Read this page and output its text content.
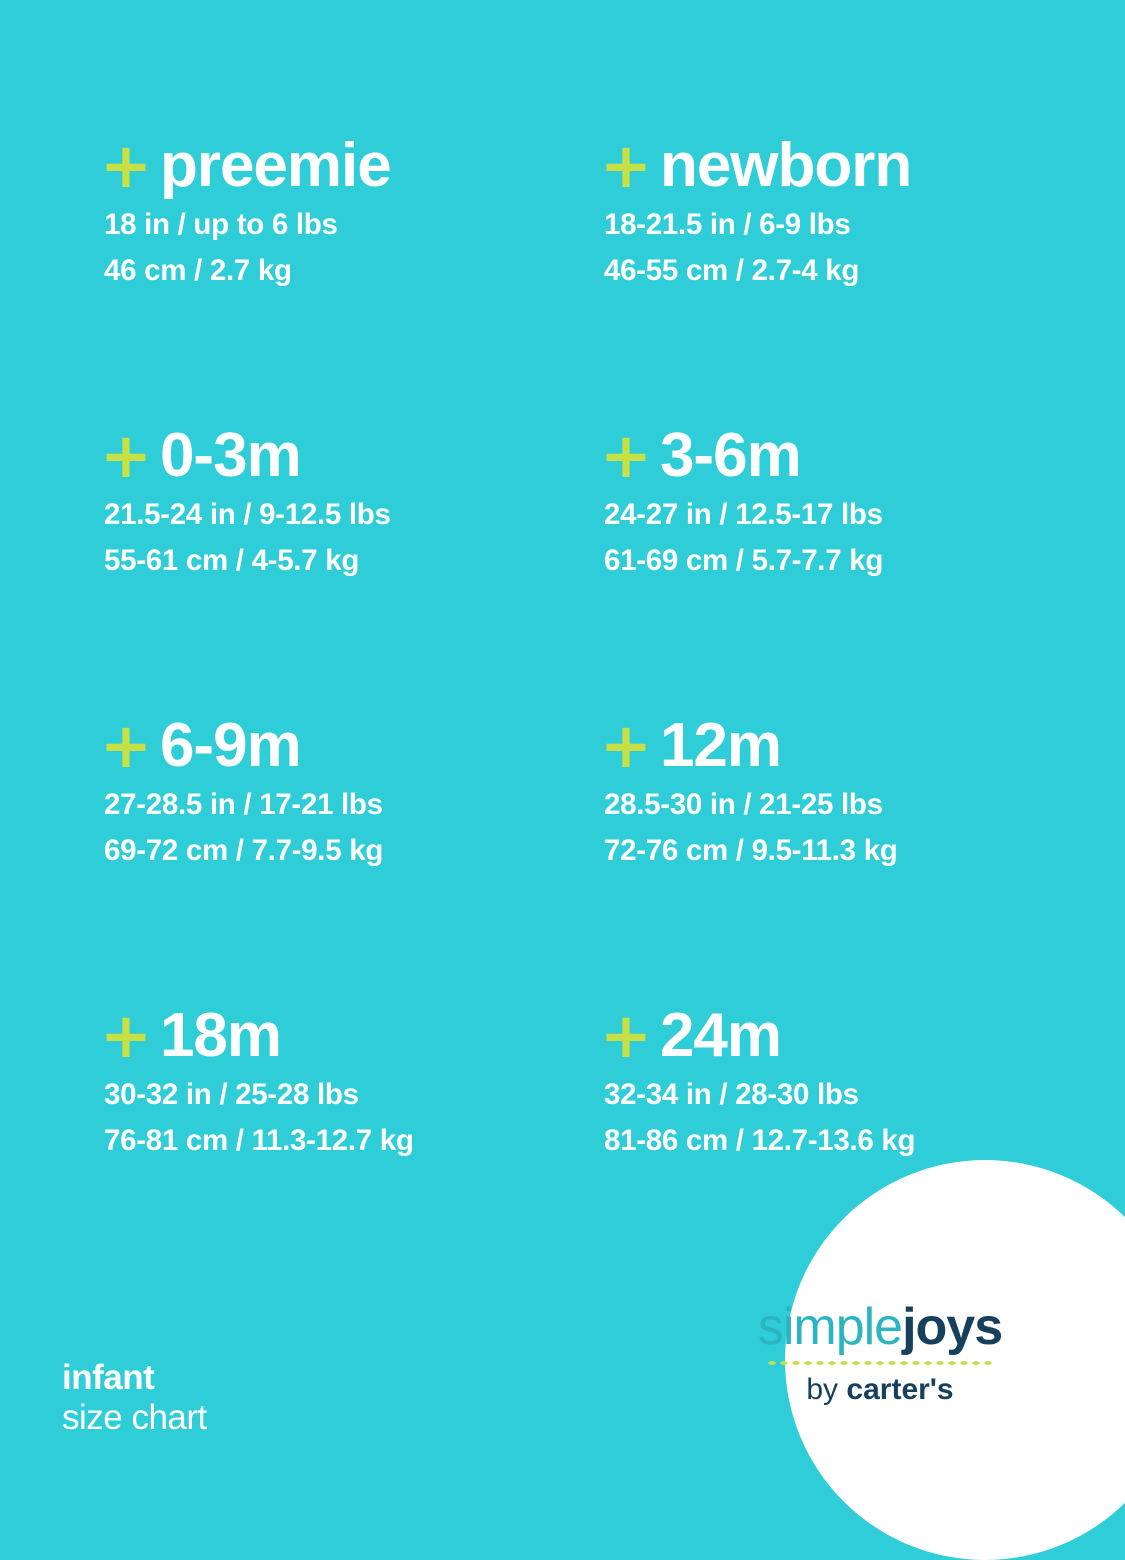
+ preemie
18 in / up to 6 lbs
46 cm / 2.7 kg
+ newborn
18-21.5 in / 6-9 lbs
46-55 cm / 2.7-4 kg
+ 0-3m
21.5-24 in / 9-12.5 lbs
55-61 cm / 4-5.7 kg
+ 3-6m
24-27 in / 12.5-17 lbs
61-69 cm / 5.7-7.7 kg
+ 6-9m
27-28.5 in / 17-21 lbs
69-72 cm / 7.7-9.5 kg
+ 12m
28.5-30 in / 21-25 lbs
72-76 cm / 9.5-11.3 kg
+ 18m
30-32 in / 25-28 lbs
76-81 cm / 11.3-12.7 kg
+ 24m
32-34 in / 28-30 lbs
81-86 cm / 12.7-13.6 kg
infant
size chart
simplejoys
by carter's
